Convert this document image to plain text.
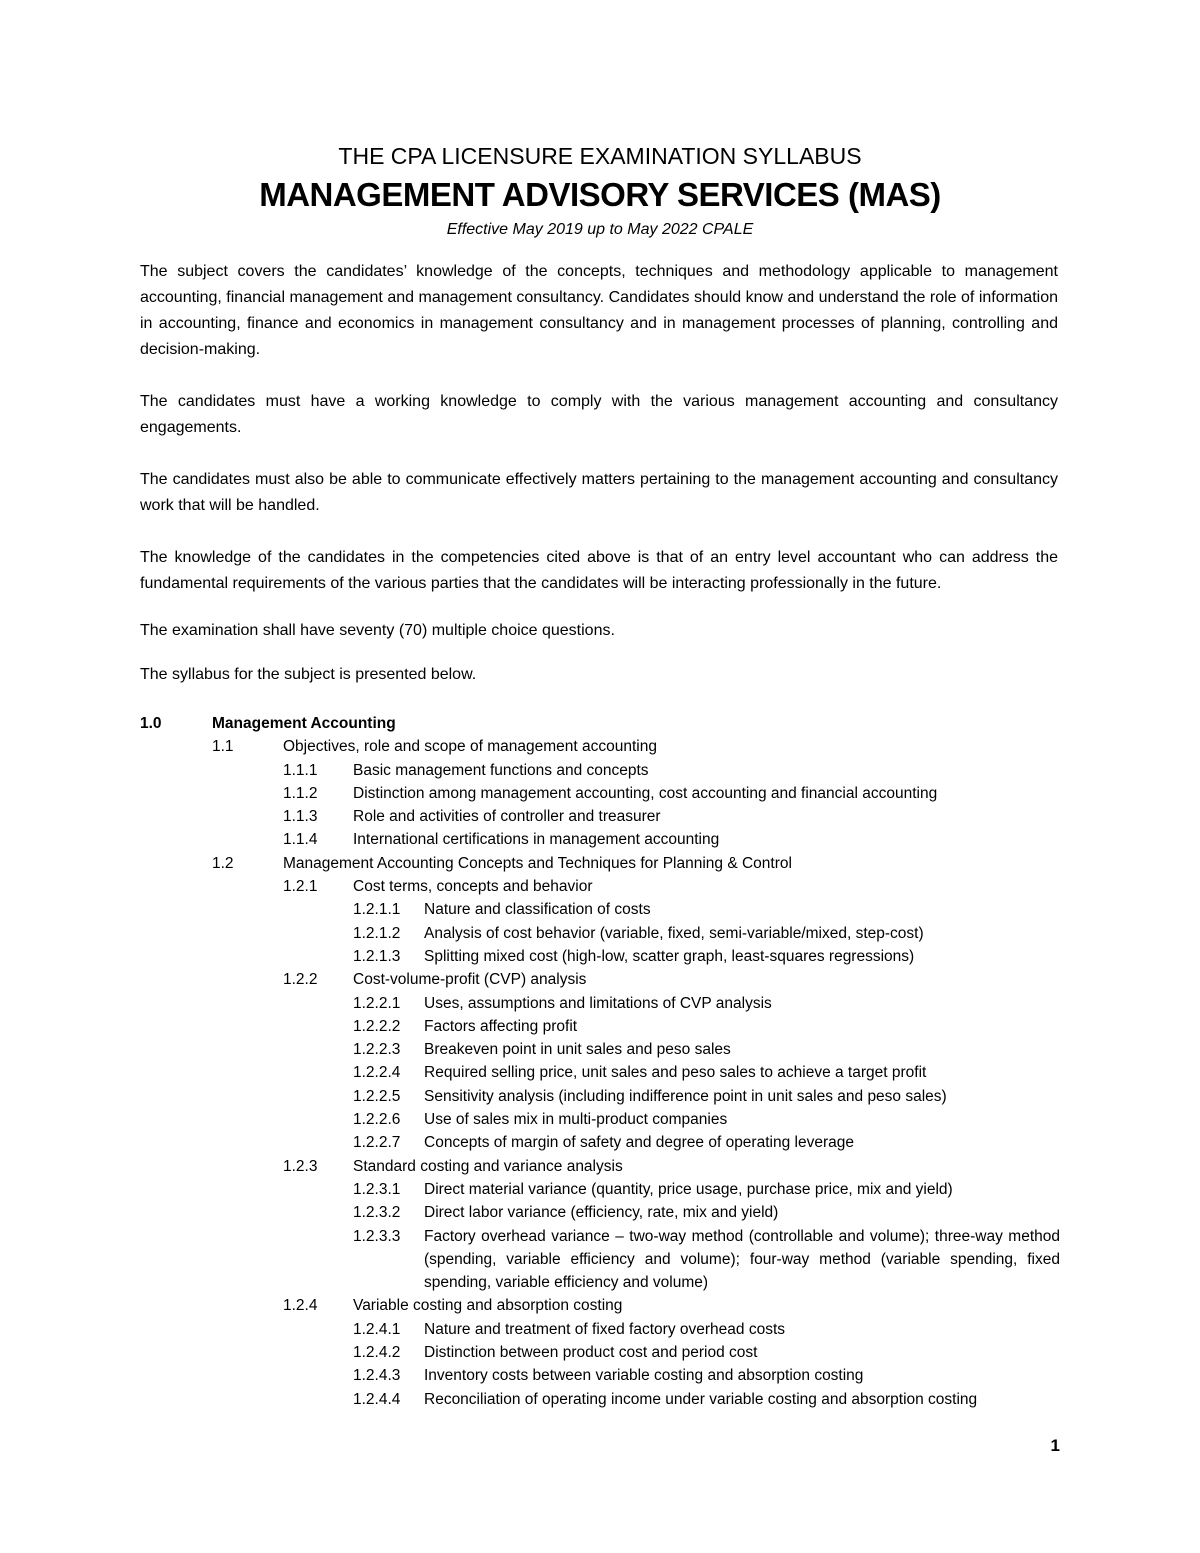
THE CPA LICENSURE EXAMINATION SYLLABUS
MANAGEMENT ADVISORY SERVICES (MAS)
Effective May 2019 up to May 2022 CPALE

The subject covers the candidates’ knowledge of the concepts, techniques and methodology applicable to management accounting, financial management and management consultancy. Candidates should know and understand the role of information in accounting, finance and economics in management consultancy and in management processes of planning, controlling and decision-making.

The candidates must have a working knowledge to comply with the various management accounting and consultancy engagements.

The candidates must also be able to communicate effectively matters pertaining to the management accounting and consultancy work that will be handled.

The knowledge of the candidates in the competencies cited above is that of an entry level accountant who can address the fundamental requirements of the various parties that the candidates will be interacting professionally in the future.

The examination shall have seventy (70) multiple choice questions.

The syllabus for the subject is presented below.

1.0	Management Accounting
1.1	Objectives, role and scope of management accounting
1.1.1	Basic management functions and concepts
1.1.2	Distinction among management accounting, cost accounting and financial accounting
1.1.3	Role and activities of controller and treasurer
1.1.4	International certifications in management accounting
1.2	Management Accounting Concepts and Techniques for Planning & Control
1.2.1	Cost terms, concepts and behavior
1.2.1.1	Nature and classification of costs
1.2.1.2	Analysis of cost behavior (variable, fixed, semi-variable/mixed, step-cost)
1.2.1.3	Splitting mixed cost (high-low, scatter graph, least-squares regressions)
1.2.2	Cost-volume-profit (CVP) analysis
1.2.2.1	Uses, assumptions and limitations of CVP analysis
1.2.2.2	Factors affecting profit
1.2.2.3	Breakeven point in unit sales and peso sales
1.2.2.4	Required selling price, unit sales and peso sales to achieve a target profit
1.2.2.5	Sensitivity analysis (including indifference point in unit sales and peso sales)
1.2.2.6	Use of sales mix in multi-product companies
1.2.2.7	Concepts of margin of safety and degree of operating leverage
1.2.3	Standard costing and variance analysis
1.2.3.1	Direct material variance (quantity, price usage, purchase price, mix and yield)
1.2.3.2	Direct labor variance (efficiency, rate, mix and yield)
1.2.3.3	Factory overhead variance – two-way method (controllable and volume); three-way method (spending, variable efficiency and volume); four-way method (variable spending, fixed spending, variable efficiency and volume)
1.2.4	Variable costing and absorption costing
1.2.4.1	Nature and treatment of fixed factory overhead costs
1.2.4.2	Distinction between product cost and period cost
1.2.4.3	Inventory costs between variable costing and absorption costing
1.2.4.4	Reconciliation of operating income under variable costing and absorption costing
1
